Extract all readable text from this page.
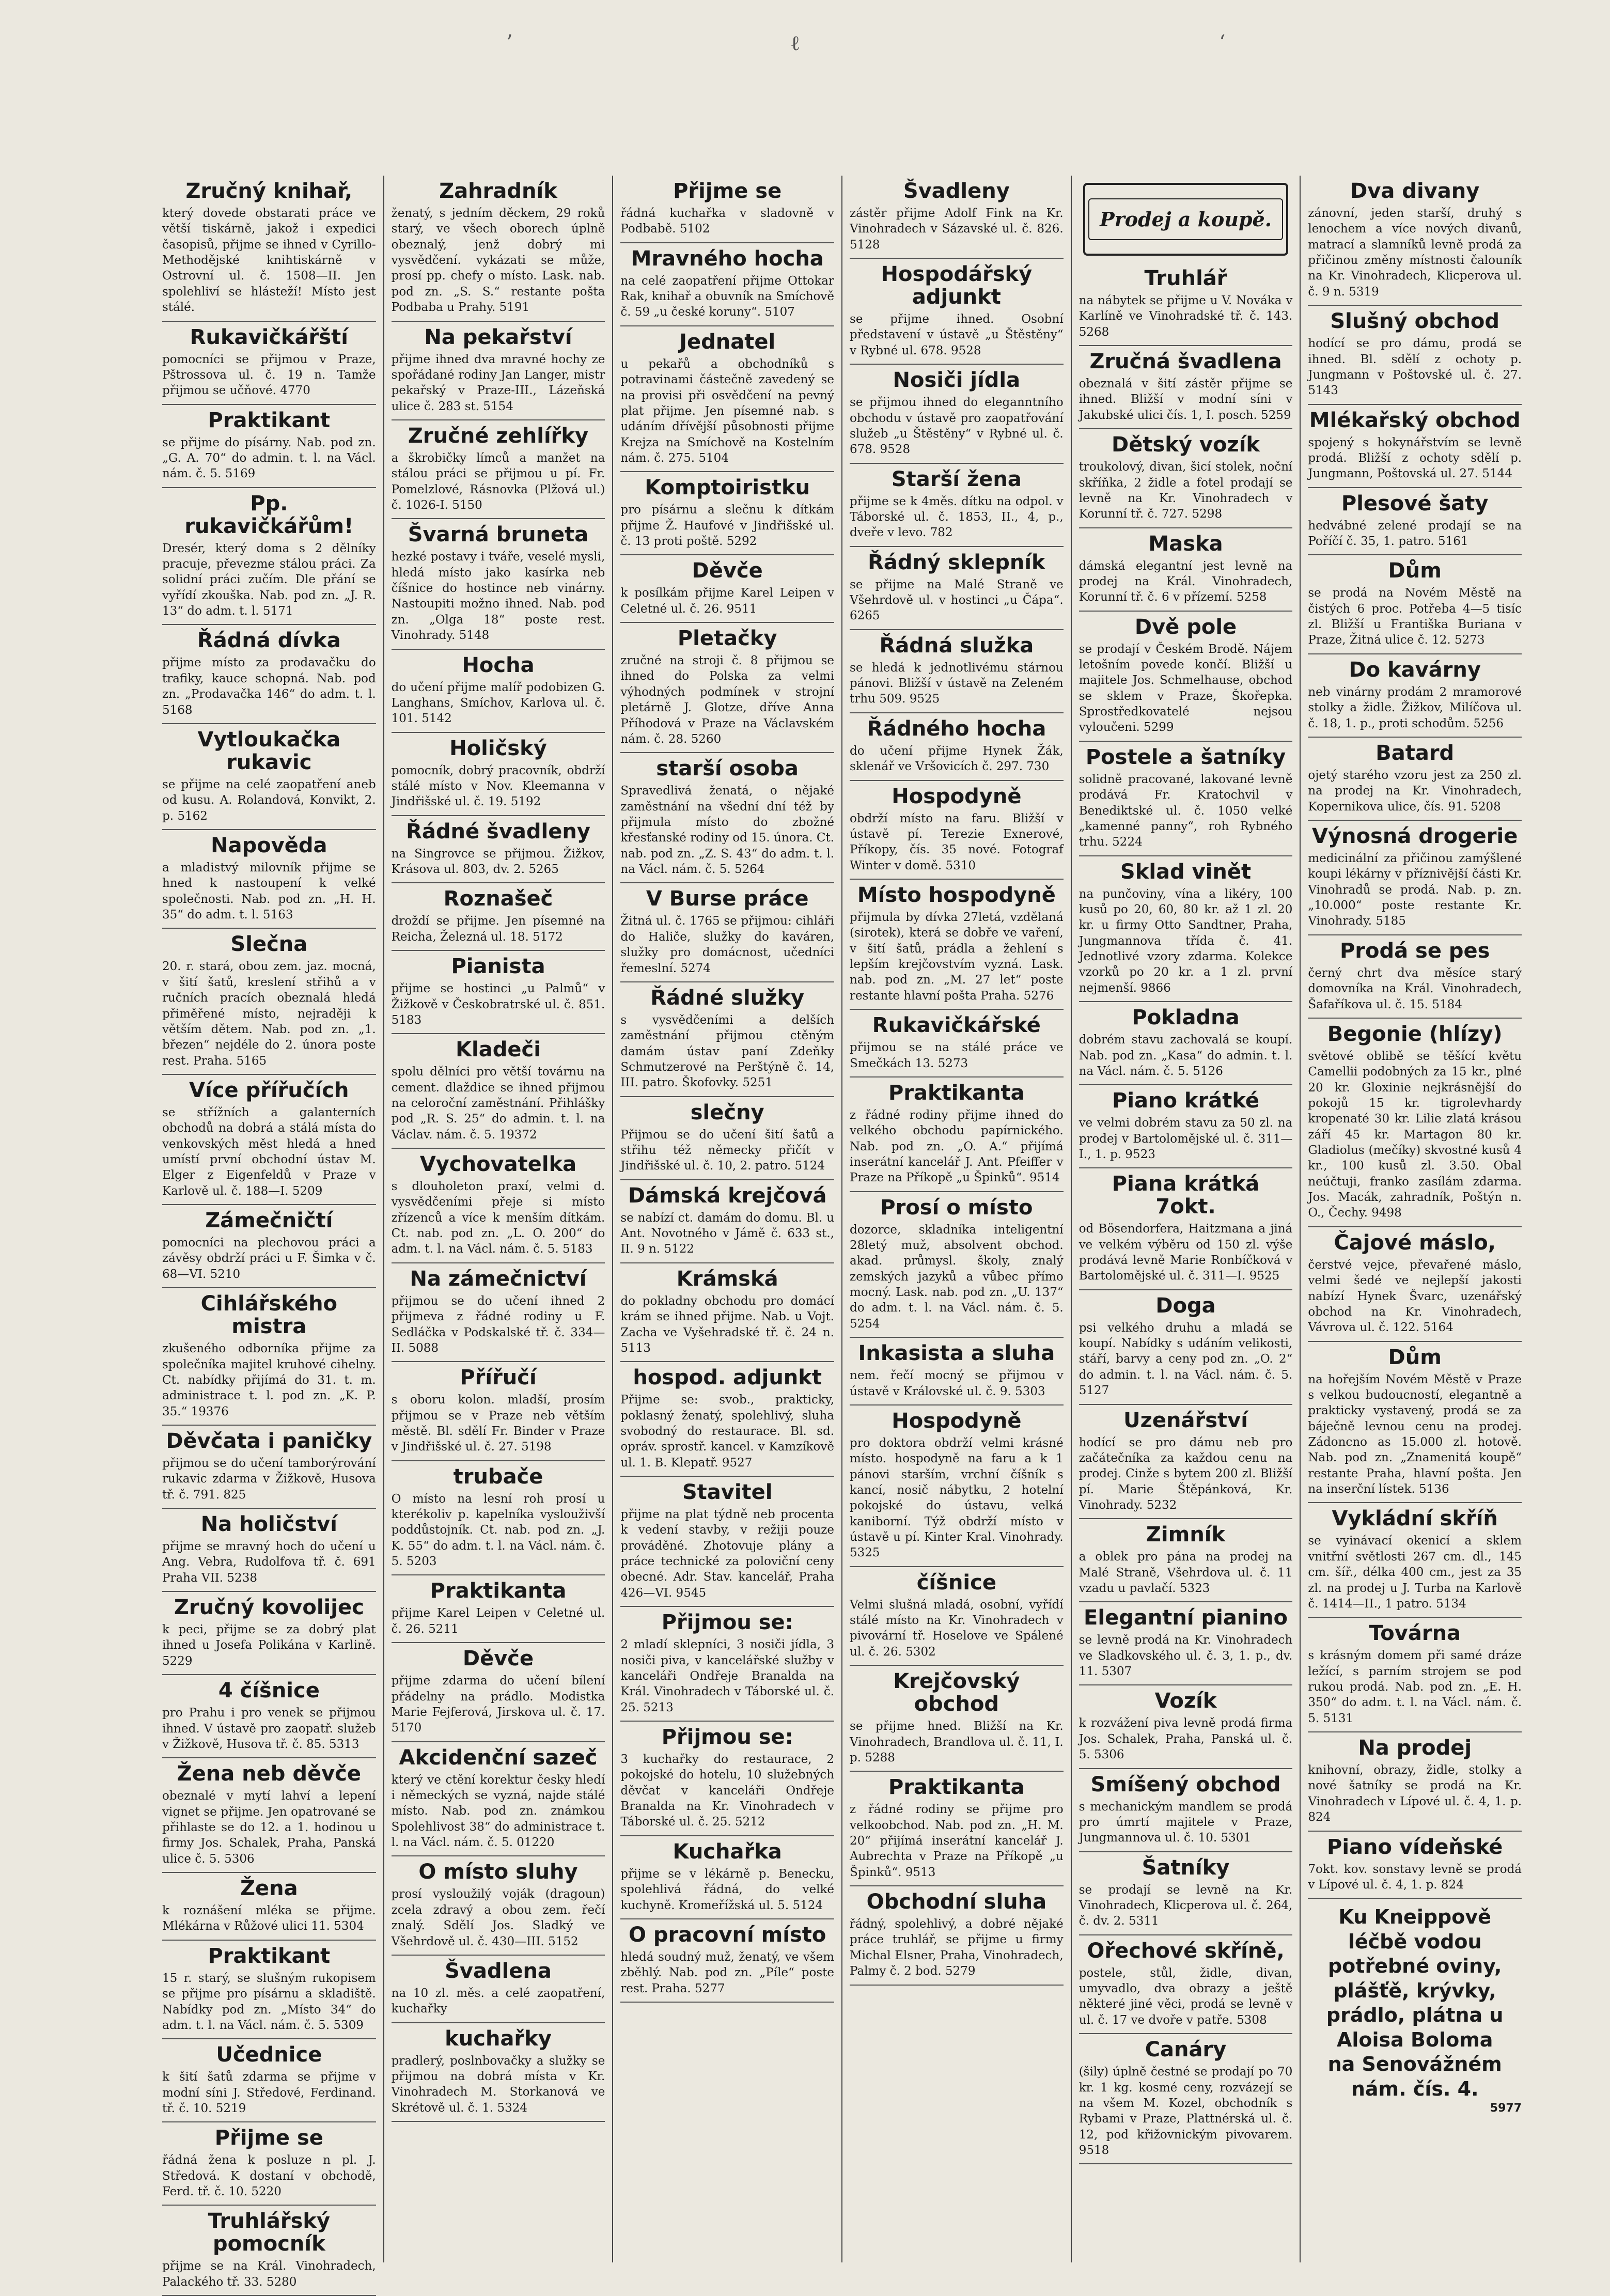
’	ℓ	‘
Zručný knihař,
který dovede obstarati práce ve větší tiskárně, jakož i expedici časopisů, přijme se ihned v Cyrillo-Methodějské knihtiskárně v Ostrovní ul. č. 1508—II. Jen spolehliví se hlásteží! Místo jest stálé.
Rukavičkářští
pomocníci se přijmou v Praze, Pštrossova ul. č. 19 n. Tamže přijmou se učňové. 4770
Praktikant
se přijme do písárny. Nab. pod zn. „G. A. 70“ do admin. t. l. na Václ. nám. č. 5. 5169
Pp. rukavičkářům!
Dresér, který doma s 2 dělníky pracuje, převezme stálou práci. Za solidní práci zučím. Dle přání se vyřídí zkouška. Nab. pod zn. „J. R. 13“ do adm. t. l. 5171
Řádná dívka
přijme místo za prodavačku do trafiky, kauce schopná. Nab. pod zn. „Prodavačka 146“ do adm. t. l. 5168
Vytloukačka rukavic
se přijme na celé zaopatření aneb od kusu. A. Rolandová, Konvikt, 2. p. 5162
Napověda
a mladistvý milovník přijme se hned k nastoupení k velké společnosti. Nab. pod zn. „H. H. 35“ do adm. t. l. 5163
Slečna
20. r. stará, obou zem. jaz. mocná, v šití šatů, kreslení střihů a v ručních pracích obeznalá hledá přiměřené místo, nejraději k větším dětem. Nab. pod zn. „1. březen“ nejdéle do 2. února poste rest. Praha. 5165
Více přířučích
se střížních a galanterních obchodů na dobrá a stálá místa do venkovských měst hledá a hned umístí první obchodní ústav M. Elger z Eigenfeldů v Praze v Karlově ul. č. 188—I. 5209
Zámečničtí
pomocníci na plechovou práci a závěsy obdrží práci u F. Šimka v č. 68—VI. 5210
Cihlářského mistra
zkušeného odborníka přijme za společníka majitel kruhové cihelny. Ct. nabídky přijímá do 31. t. m. administrace t. l. pod zn. „K. P. 35.“ 19376
Děvčata i paničky
přijmou se do učení tamborýrování rukavic zdarma v Žižkově, Husova tř. č. 791. 825
Na holičství
přijme se mravný hoch do učení u Ang. Vebra, Rudolfova tř. č. 691 Praha VII. 5238
Zručný kovolijec
k peci, přijme se za dobrý plat ihned u Josefa Polikána v Karlině. 5229
4 číšnice
pro Prahu i pro venek se přijmou ihned. V ústavě pro zaopatř. služeb v Žižkově, Husova tř. č. 85. 5313
Žena neb děvče
obeznalé v mytí lahví a lepení vignet se přijme. Jen opatrované se přihlaste se do 12. a 1. hodinou u firmy Jos. Schalek, Praha, Panská ulice č. 5. 5306
Žena
k roznášení mléka se přijme. Mlékárna v Růžové ulici 11. 5304
Praktikant
15 r. starý, se slušným rukopisem se přijme pro písárnu a skladiště. Nabídky pod zn. „Místo 34“ do adm. t. l. na Václ. nám. č. 5. 5309
Učednice
k šití šatů zdarma se přijme v modní síni J. Středové, Ferdinand. tř. č. 10. 5219
Přijme se
řádná žena k posluze n pl. J. Středová. K dostaní v obchodě, Ferd. tř. č. 10. 5220
Truhlářský pomocník
přijme se na Král. Vinohradech, Palackého tř. 33. 5280
Zahradník
ženatý, s jedním děckem, 29 roků starý, ve všech oborech úplně obeznalý, jenž dobrý mi vysvědčení. vykázati se může, prosí pp. chefy o místo. Lask. nab. pod zn. „S. S.“ restante pošta Podbaba u Prahy. 5191
Na pekařství
přijme ihned dva mravné hochy ze spořádané rodiny Jan Langer, mistr pekařský v Praze-III., Lázeňská ulice č. 283 st. 5154
Zručné zehlířky
a škrobičky límců a manžet na stálou práci se přijmou u pí. Fr. Pomelzlové, Rásnovka (Plžová ul.) č. 1026-I. 5150
Švarná bruneta
hezké postavy i tváře, veselé mysli, hledá místo jako kasírka neb číšnice do hostince neb vinárny. Nastoupiti možno ihned. Nab. pod zn. „Olga 18“ poste rest. Vinohrady. 5148
Hocha
do učení přijme malíř podobizen G. Langhans, Smíchov, Karlova ul. č. 101. 5142
Holičský
pomocník, dobrý pracovník, obdrží stálé místo v Nov. Kleemanna v Jindřišské ul. č. 19. 5192
Řádné švadleny
na Singrovce se přijmou. Žižkov, Krásova ul. 803, dv. 2. 5265
Roznašeč
droždí se přijme. Jen písemné na Reicha, Železná ul. 18. 5172
Pianista
přijme se hostinci „u Palmů“ v Žižkově v Českobratrské ul. č. 851. 5183
Kladeči
spolu dělníci pro větší továrnu na cement. dlaždice se ihned přijmou na celoroční zaměstnání. Přihlášky pod „R. S. 25“ do admin. t. l. na Václav. nám. č. 5. 19372
Vychovatelka
s dlouholeton praxí, velmi d. vysvědčeními přeje si místo zřízenců a více k menším dítkám. Ct. nab. pod zn. „L. O. 200“ do adm. t. l. na Václ. nám. č. 5. 5183
Na zámečnictví
přijmou se do učení ihned 2 přijmeva z řádné rodiny u F. Sedláčka v Podskalské tř. č. 334—II. 5088
Přířučí
s oboru kolon. mladší, prosím přijmou se v Praze neb větším městě. Bl. sdělí Fr. Binder v Praze v Jindřišské ul. č. 27. 5198
trubače
O místo na lesní roh prosí u kterékoliv p. kapelníka vyslouživší poddůstojník. Ct. nab. pod zn. „J. K. 55“ do adm. t. l. na Václ. nám. č. 5. 5203
Praktikanta
přijme Karel Leipen v Celetné ul. č. 26. 5211
Děvče
přijme zdarma do učení bílení přádelny na prádlo. Modistka Marie Fejferová, Jirskova ul. č. 17. 5170
Akcidenční sazeč
který ve ctění korektur česky hledí i německých se vyzná, najde stálé místo. Nab. pod zn. známkou Spolehlivost 38“ do administrace t. l. na Václ. nám. č. 5. 01220
O místo sluhy
prosí vysloužilý voják (dragoun) zcela zdravý a obou zem. řečí znalý. Sdělí Jos. Sladký ve Všehrdově ul. č. 430—III. 5152
Švadlena
na 10 zl. měs. a celé zaopatření, kuchařky
kuchařky
pradlerý, poslnbovačky a služky se přijmou na dobrá místa v Kr. Vinohradech M. Storkanová ve Skrétově ul. č. 1. 5324
Přijme se
řádná kuchařka v sladovně v Podbabě. 5102
Mravného hocha
na celé zaopatření přijme Ottokar Rak, knihař a obuvník na Smíchově č. 59 „u české koruny“. 5107
Jednatel
u pekařů a obchodníků s potravinami částečně zavedený se na provisi při osvědčení na pevný plat přijme. Jen písemné nab. s udáním dřívější působnosti přijme Krejza na Smíchově na Kostelním nám. č. 275. 5104
Komptoiristku
pro písárnu a slečnu k dítkám přijme Ž. Haufové v Jindřišské ul. č. 13 proti poště. 5292
Děvče
k posílkám přijme Karel Leipen v Celetné ul. č. 26. 9511
Pletačky
zručné na stroji č. 8 přijmou se ihned do Polska za velmi výhodných podmínek v strojní pletárně J. Glotze, dříve Anna Příhodová v Praze na Václavském nám. č. 28. 5260
starší osoba
Spravedlivá ženatá, o nějaké zaměstnání na všední dní též by přijmula místo do zbožné křesťanské rodiny od 15. února. Ct. nab. pod zn. „Z. S. 43“ do adm. t. l. na Václ. nám. č. 5. 5264
V Burse práce
Žitná ul. č. 1765 se přijmou: cihláři do Haliče, služky do kaváren, služky pro domácnost, učedníci řemeslní. 5274
Řádné služky
s vysvědčeními a delších zaměstnání přijmou ctěným damám ústav paní Zdeňky Schmutzerové na Perštýně č. 14, III. patro. Škofovky. 5251
slečny
Přijmou se do učení šití šatů a střihu též německy přičít v Jindřišské ul. č. 10, 2. patro. 5124
Dámská krejčová
se nabízí ct. damám do domu. Bl. u Ant. Novotného v Jámě č. 633 st., II. 9 n. 5122
Krámská
do pokladny obchodu pro domácí krám se ihned přijme. Nab. u Vojt. Zacha ve Vyšehradské tř. č. 24 n. 5113
hospod. adjunkt
Přijme se: svob., prakticky, poklasný ženatý, spolehlivý, sluha svobodný do restaurace. Bl. sd. opráv. sprostř. kancel. v Kamzíkově ul. 1. B. Klepatř. 9527
Stavitel
přijme na plat týdně neb procenta k vedení stavby, v režiji pouze prováděné. Zhotovuje plány a práce technické za poloviční ceny obecné. Adr. Stav. kancelář, Praha 426—VI. 9545
Přijmou se:
2 mladí sklepníci, 3 nosiči jídla, 3 nosiči piva, v kancelářské služby v kanceláři Ondřeje Branalda na Král. Vinohradech v Táborské ul. č. 25. 5213
Přijmou se:
3 kuchařky do restaurace, 2 pokojské do hotelu, 10 služebných děvčat v kanceláři Ondřeje Branalda na Kr. Vinohradech v Táborské ul. č. 25. 5212
Kuchařka
přijme se v lékárně p. Benecku, spolehlivá řádná, do velké kuchyně. Kromeřížská ul. 5. 5124
O pracovní místo
hledá soudný muž, ženatý, ve všem zběhlý. Nab. pod zn. „Píle“ poste rest. Praha. 5277
Švadleny
zástěr přijme Adolf Fink na Kr. Vinohradech v Sázavské ul. č. 826. 5128
Hospodářský adjunkt
se přijme ihned. Osobní představení v ústavě „u Štěstěny“ v Rybné ul. 678. 9528
Nosiči jídla
se přijmou ihned do eleganntního obchodu v ústavě pro zaopatřování služeb „u Štěstěny“ v Rybné ul. č. 678. 9528
Starší žena
přijme se k 4měs. dítku na odpol. v Táborské ul. č. 1853, II., 4, p., dveře v levo. 782
Řádný sklepník
se přijme na Malé Straně ve Všehrdově ul. v hostinci „u Čápa“. 6265
Řádná služka
se hledá k jednotlivému stárnou pánovi. Bližší v ústavě na Zeleném trhu 509. 9525
Řádného hocha
do učení přijme Hynek Žák, sklenář ve Vršovicích č. 297. 730
Hospodyně
obdrží místo na faru. Bližší v ústavě pí. Terezie Exnerové, Příkopy, čís. 35 nové. Fotograf Winter v domě. 5310
Místo hospodyně
přijmula by dívka 27letá, vzdělaná (sirotek), která se dobře ve vaření, v šití šatů, prádla a žehlení s lepším krejčovstvím vyzná. Lask. nab. pod zn. „M. 27 let“ poste restante hlavní pošta Praha. 5276
Rukavičkářské
přijmou se na stálé práce ve Smečkách 13. 5273
Praktikanta
z řádné rodiny přijme ihned do velkého obchodu papírnického. Nab. pod zn. „O. A.“ přijímá inserátní kancelář J. Ant. Pfeiffer v Praze na Příkopě „u Špinků“. 9514
Prosí o místo
dozorce, skladníka inteligentní 28letý muž, absolvent obchod. akad. průmysl. školy, znalý zemských jazyků a vůbec přímo mocný. Lask. nab. pod zn. „U. 137“ do adm. t. l. na Václ. nám. č. 5. 5254
Inkasista a sluha
nem. řečí mocný se přijmou v ústavě v Královské ul. č. 9. 5303
Hospodyně
pro doktora obdrží velmi krásné místo. hospodyně na faru a k 1 pánovi starším, vrchní číšník s kancí, nosič nábytku, 2 hotelní pokojské do ústavu, velká kaniborní. Týž obdrží místo v ústavě u pí. Kinter Kral. Vinohrady. 5325
číšnice
Velmi slušná mladá, osobní, vyřídí stálé místo na Kr. Vinohradech v pivovární tř. Hoselove ve Spálené ul. č. 26. 5302
Krejčovský obchod
se přijme hned. Bližší na Kr. Vinohradech, Brandlova ul. č. 11, I. p. 5288
Praktikanta
z řádné rodiny se přijme pro velkoobchod. Nab. pod zn. „H. M. 20“ přijímá inserátní kancelář J. Aubrechta v Praze na Příkopě „u Špinků“. 9513
Obchodní sluha
řádný, spolehlivý, a dobré nějaké práce truhlář, se přijme u firmy Michal Elsner, Praha, Vinohradech, Palmy č. 2 bod. 5279
Prodej a koupě.
Truhlář
na nábytek se přijme u V. Nováka v Karlíně ve Vinohradské tř. č. 143. 5268
Zručná švadlena
obeznalá v šití zástěr přijme se ihned. Bližší v modní síni v Jakubské ulici čís. 1, I. posch. 5259
Dětský vozík
troukolový, divan, šicí stolek, noční skříňka, 2 židle a fotel prodají se levně na Kr. Vinohradech v Korunní tř. č. 727. 5298
Maska
dámská elegantní jest levně na prodej na Král. Vinohradech, Korunní tř. č. 6 v přízemí. 5258
Dvě pole
se prodají v Českém Brodě. Nájem letošním povede končí. Bližší u majitele Jos. Schmelhause, obchod se sklem v Praze, Škořepka. Sprostředkovatelé nejsou vyloučeni. 5299
Postele a šatníky
solidně pracované, lakované levně prodává Fr. Kratochvil v Benediktské ul. č. 1050 velké „kamenné panny“, roh Rybného trhu. 5224
Sklad vinět
na punčoviny, vína a likéry, 100 kusů po 20, 60, 80 kr. až 1 zl. 20 kr. u firmy Otto Sandtner, Praha, Jungmannova třída č. 41. Jednotlivé vzory zdarma. Kolekce vzorků po 20 kr. a 1 zl. první nejmenší. 9866
Pokladna
dobrém stavu zachovalá se koupí. Nab. pod zn. „Kasa“ do admin. t. l. na Václ. nám. č. 5. 5126
Piano krátké
ve velmi dobrém stavu za 50 zl. na prodej v Bartolomějské ul. č. 311—I., 1. p. 9523
Piana krátká 7okt.
od Bösendorfera, Haitzmana a jiná ve velkém výběru od 150 zl. výše prodává levně Marie Ronbíčková v Bartolomějské ul. č. 311—I. 9525
Doga
psi velkého druhu a mladá se koupí. Nabídky s udáním velikosti, stáří, barvy a ceny pod zn. „O. 2“ do admin. t. l. na Václ. nám. č. 5. 5127
Uzenářství
hodící se pro dámu neb pro začátečníka za každou cenu na prodej. Cinže s bytem 200 zl. Bližší pí. Marie Štěpánková, Kr. Vinohrady. 5232
Zimník
a oblek pro pána na prodej na Malé Straně, Všehrdova ul. č. 11 vzadu u pavlačí. 5323
Elegantní pianino
se levně prodá na Kr. Vinohradech ve Sladkovského ul. č. 3, 1. p., dv. 11. 5307
Vozík
k rozvážení piva levně prodá firma Jos. Schalek, Praha, Panská ul. č. 5. 5306
Smíšený obchod
s mechanickým mandlem se prodá pro úmrtí majitele v Praze, Jungmannova ul. č. 10. 5301
Šatníky
se prodají se levně na Kr. Vinohradech, Klicperova ul. č. 264, č. dv. 2. 5311
Ořechové skříně,
postele, stůl, židle, divan, umyvadlo, dva obrazy a ještě některé jiné věci, prodá se levně v ul. č. 17 ve dvoře v patře. 5308
Canáry
(šily) úplně čestné se prodají po 70 kr. 1 kg. kosmé ceny, rozvázejí se na všem M. Kozel, obchodník s Rybami v Praze, Plattnérská ul. č. 12, pod křižovnickým pivovarem. 9518
Dva divany
zánovní, jeden starší, druhý s lenochem a více nových divanů, matrací a slamníků levně prodá za přičinou změny místnosti čalouník na Kr. Vinohradech, Klicperova ul. č. 9 n. 5319
Slušný obchod
hodící se pro dámu, prodá se ihned. Bl. sdělí z ochoty p. Jungmann v Poštovské ul. č. 27. 5143
Mlékařský obchod
spojený s hokynářstvím se levně prodá. Bližší z ochoty sdělí p. Jungmann, Poštovská ul. 27. 5144
Plesové šaty
hedvábné zelené prodají se na Poříčí č. 35, 1. patro. 5161
Dům
se prodá na Novém Městě na čistých 6 proc. Potřeba 4—5 tisíc zl. Bližší u Františka Buriana v Praze, Žitná ulice č. 12. 5273
Do kavárny
neb vinárny prodám 2 mramorové stolky a židle. Žižkov, Milíčova ul. č. 18, 1. p., proti schodům. 5256
Batard
ojetý starého vzoru jest za 250 zl. na prodej na Kr. Vinohradech, Kopernikova ulice, čís. 91. 5208
Výnosná drogerie
medicinální za přičinou zamýšlené koupi lékárny v příznivější části Kr. Vinohradů se prodá. Nab. p. zn. „10.000“ poste restante Kr. Vinohrady. 5185
Prodá se pes
černý chrt dva měsíce starý domovníka na Král. Vinohradech, Šafaříkova ul. č. 15. 5184
Begonie (hlízy)
světové oblibě se těšící květu Camellii podobných za 15 kr., plné 20 kr. Gloxinie nejkrásnější do pokojů 15 kr. tigrolevhardy kropenaté 30 kr. Lilie zlatá krásou září 45 kr. Martagon 80 kr. Gladiolus (mečíky) skvostné kusů 4 kr., 100 kusů zl. 3.50. Obal neúčtuji, franko zasílám zdarma. Jos. Macák, zahradník, Poštýn n. O., Čechy. 9498
Čajové máslo,
čerstvé vejce, převařené máslo, velmi šedé ve nejlepší jakosti nabízí Hynek Švarc, uzenářský obchod na Kr. Vinohradech, Vávrova ul. č. 122. 5164
Dům
na hořejším Novém Městě v Praze s velkou budoucností, elegantně a prakticky vystavený, prodá se za báječně levnou cenu na prodej. Zádoncno as 15.000 zl. hotově. Nab. pod zn. „Znamenitá koupě“ restante Praha, hlavní pošta. Jen na inserční lístek. 5136
Vykládní skříň
se vyinávací okenicí a sklem vnitřní světlosti 267 cm. dl., 145 cm. šíř., délka 400 cm., jest za 35 zl. na prodej u J. Turba na Karlově č. 1414—II., 1 patro. 5134
Továrna
s krásným domem při samé dráze ležící, s parním strojem se pod rukou prodá. Nab. pod zn. „E. H. 350“ do adm. t. l. na Václ. nám. č. 5. 5131
Na prodej
knihovní, obrazy, židle, stolky a nové šatníky se prodá na Kr. Vinohradech v Lípové ul. č. 4, 1. p. 824
Piano vídeňské
7okt. kov. sonstavy levně se prodá v Lípové ul. č. 4, 1. p. 824
Ku Kneippově
léčbě vodou
potřebné oviny, plášťě, krývky, prádlo, plátna u
Aloisa Boloma
na Senovážném nám. čís. 4.
5977
